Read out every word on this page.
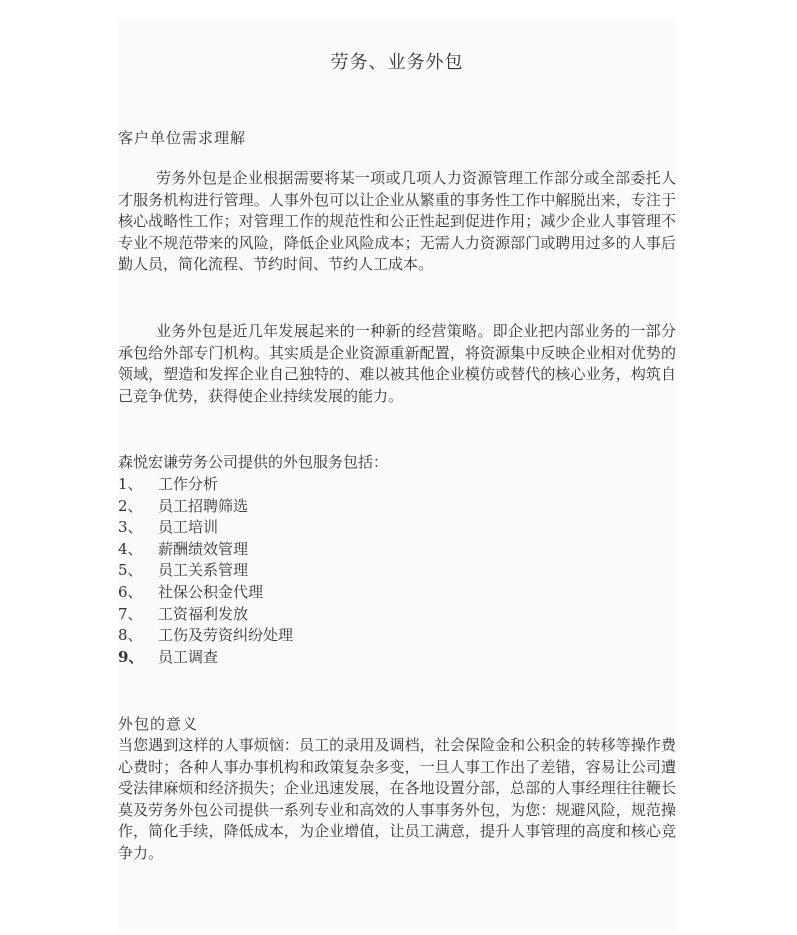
劳务、业务外包
客户单位需求理解

劳务外包是企业根据需要将某一项或几项人力资源管理工作部分或全部委托人才服务机构进行管理。人事外包可以让企业从繁重的事务性工作中解脱出来，专注于核心战略性工作；对管理工作的规范性和公正性起到促进作用；减少企业人事管理不专业不规范带来的风险，降低企业风险成本；无需人力资源部门或聘用过多的人事后勤人员，简化流程、节约时间、节约人工成本。

业务外包是近几年发展起来的一种新的经营策略。即企业把内部业务的一部分承包给外部专门机构。其实质是企业资源重新配置，将资源集中反映企业相对优势的领域，塑造和发挥企业自己独特的、难以被其他企业模仿或替代的核心业务，构筑自己竞争优势，获得使企业持续发展的能力。

森悦宏谦劳务公司提供的外包服务包括：

1、 工作分析
2、 员工招聘筛选
3、 员工培训
4、 薪酬绩效管理
5、 员工关系管理
6、 社保公积金代理
7、 工资福利发放
8、 工伤及劳资纠纷处理
9、 员工调查
外包的意义

当您遇到这样的人事烦恼：员工的录用及调档，社会保险金和公积金的转移等操作费心费时；各种人事办事机构和政策复杂多变，一旦人事工作出了差错，容易让公司遭受法律麻烦和经济损失；企业迅速发展，在各地设置分部，总部的人事经理往往鞭长莫及劳务外包公司提供一系列专业和高效的人事事务外包，为您：规避风险，规范操作，简化手续，降低成本，为企业增值，让员工满意，提升人事管理的高度和核心竞争力。
